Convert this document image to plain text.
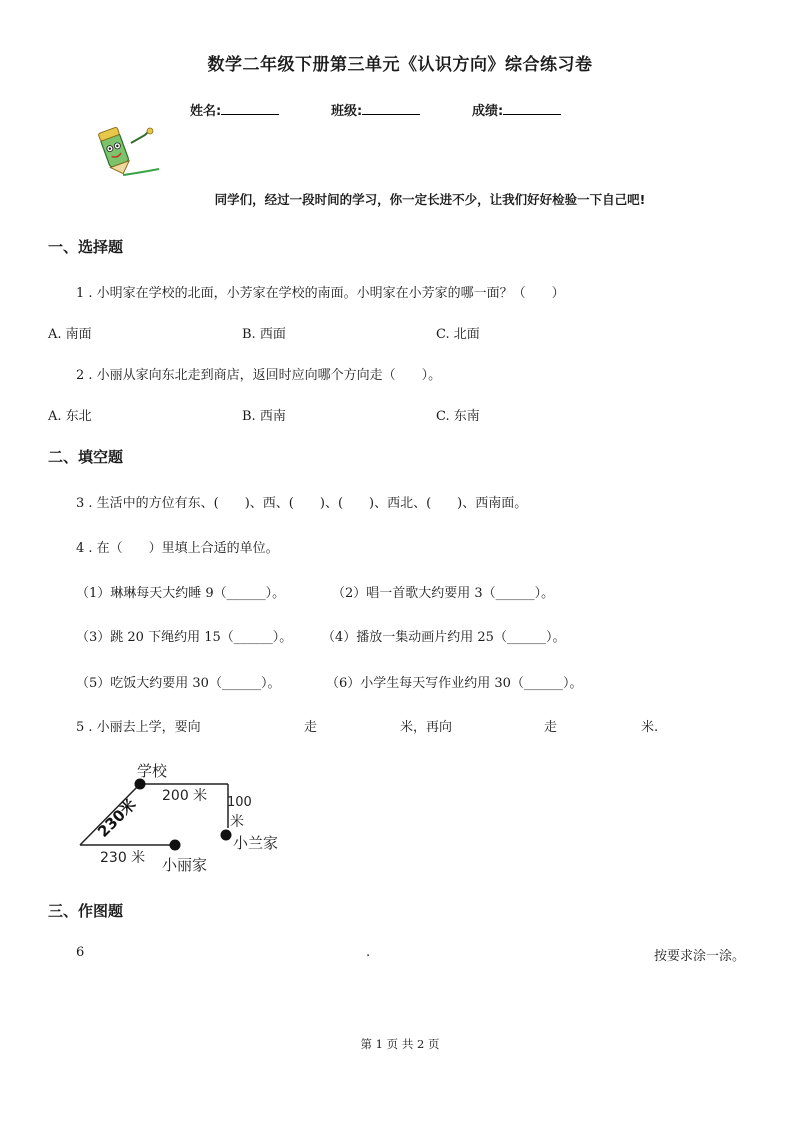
数学二年级下册第三单元《认识方向》综合练习卷
姓名:	班级:	成绩:
同学们，经过一段时间的学习，你一定长进不少，让我们好好检验一下自己吧!
一、选择题
1 . 小明家在学校的北面，小芳家在学校的南面。小明家在小芳家的哪一面？（　　）
A. 南面	B. 西面	C. 北面
2 . 小丽从家向东北走到商店，返回时应向哪个方向走（　　）。
A. 东北	B. 西南	C. 东南
二、填空题
3 . 生活中的方位有东、(　　)、西、(　　)、(　　)、西北、(　　)、西南面。
4 . 在（　　）里填上合适的单位。
（1）琳琳每天大约睡 9（______）。	（2）唱一首歌大约要用 3（______）。
（3）跳 20 下绳约用 15（______）。 （4）播放一集动画片约用 25（______）。
（5）吃饭大约要用 30（______）。	（6）小学生每天写作业约用 30（______）。
5 . 小丽去上学，要向	走	米，再向	走	米.
学校
200 米 100
米
230米
230 米 小丽家
小兰家
三、作图题
6	.	按要求涂一涂。
第 1 页 共 2 页
